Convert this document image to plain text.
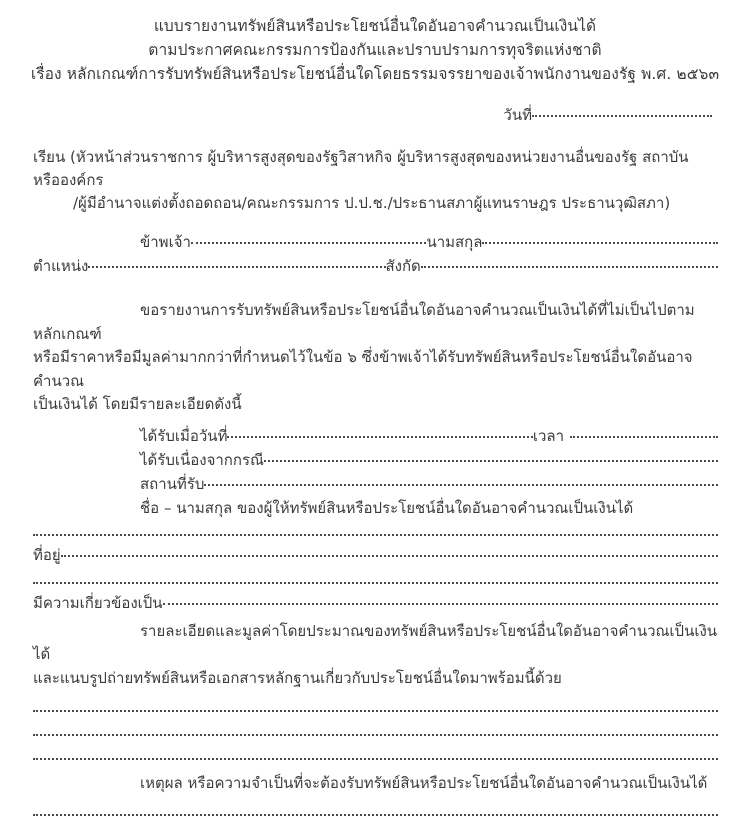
แบบรายงานทรัพย์สินหรือประโยชน์อื่นใดอันอาจคำนวณเป็นเงินได้
ตามประกาศคณะกรรมการป้องกันและปราบปรามการทุจริตแห่งชาติ
เรื่อง หลักเกณฑ์การรับทรัพย์สินหรือประโยชน์อื่นใดโดยธรรมจรรยาของเจ้าพนักงานของรัฐ พ.ศ. ๒๕๖๓
วันที่
เรียน (หัวหน้าส่วนราชการ ผู้บริหารสูงสุดของรัฐวิสาหกิจ ผู้บริหารสูงสุดของหน่วยงานอื่นของรัฐ สถาบัน หรือองค์กร
/ผู้มีอำนาจแต่งตั้งถอดถอน/คณะกรรมการ ป.ป.ช./ประธานสภาผู้แทนราษฎร ประธานวุฒิสภา)
ข้าพเจ้า	นามสกุล
ตำแหน่ง	สังกัด
ขอรายงานการรับทรัพย์สินหรือประโยชน์อื่นใดอันอาจคำนวณเป็นเงินได้ที่ไม่เป็นไปตามหลักเกณฑ์
หรือมีราคาหรือมีมูลค่ามากกว่าที่กำหนดไว้ในข้อ ๖ ซึ่งข้าพเจ้าได้รับทรัพย์สินหรือประโยชน์อื่นใดอันอาจคำนวณ
เป็นเงินได้ โดยมีรายละเอียดดังนี้
ได้รับเมื่อวันที่	เวลา
ได้รับเนื่องจากกรณี
สถานที่รับ
ชื่อ – นามสกุล ของผู้ให้ทรัพย์สินหรือประโยชน์อื่นใดอันอาจคำนวณเป็นเงินได้
ที่อยู่
มีความเกี่ยวข้องเป็น
รายละเอียดและมูลค่าโดยประมาณของทรัพย์สินหรือประโยชน์อื่นใดอันอาจคำนวณเป็นเงินได้
และแนบรูปถ่ายทรัพย์สินหรือเอกสารหลักฐานเกี่ยวกับประโยชน์อื่นใดมาพร้อมนี้ด้วย
เหตุผล หรือความจำเป็นที่จะต้องรับทรัพย์สินหรือประโยชน์อื่นใดอันอาจคำนวณเป็นเงินได้
